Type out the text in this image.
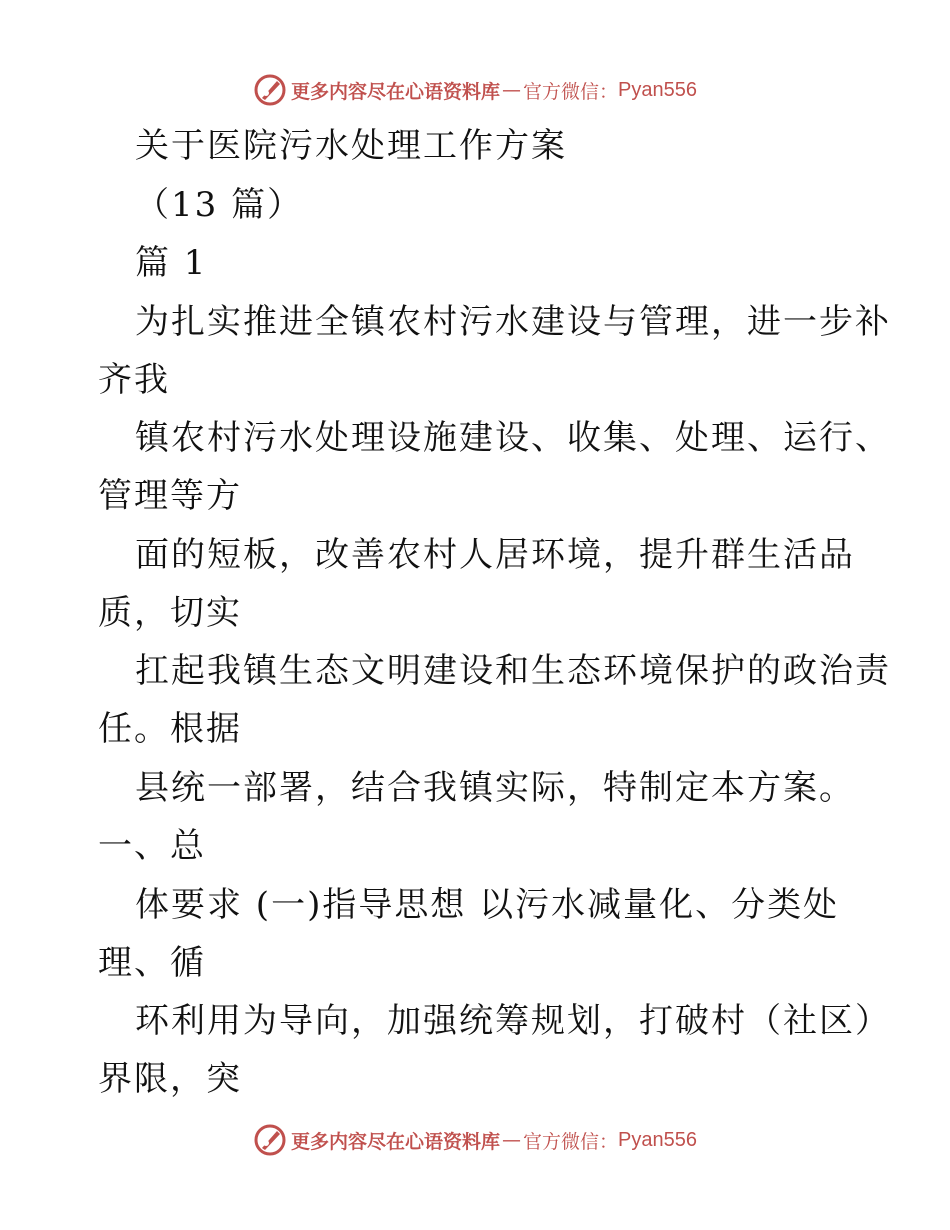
更多内容尽在心语资料库 — 官方微信： Pyan556
关于医院污水处理工作方案
（13 篇）
篇 1
为扎实推进全镇农村污水建设与管理，进一步补
齐我
镇农村污水处理设施建设、收集、处理、运行、
管理等方
面的短板，改善农村人居环境，提升群生活品
质，切实
扛起我镇生态文明建设和生态环境保护的政治责
任。根据
县统一部署，结合我镇实际，特制定本方案。
一、总
体要求 (一)指导思想 以污水减量化、分类处
理、循
环利用为导向，加强统筹规划，打破村（社区）
界限，突
更多内容尽在心语资料库 — 官方微信： Pyan556
